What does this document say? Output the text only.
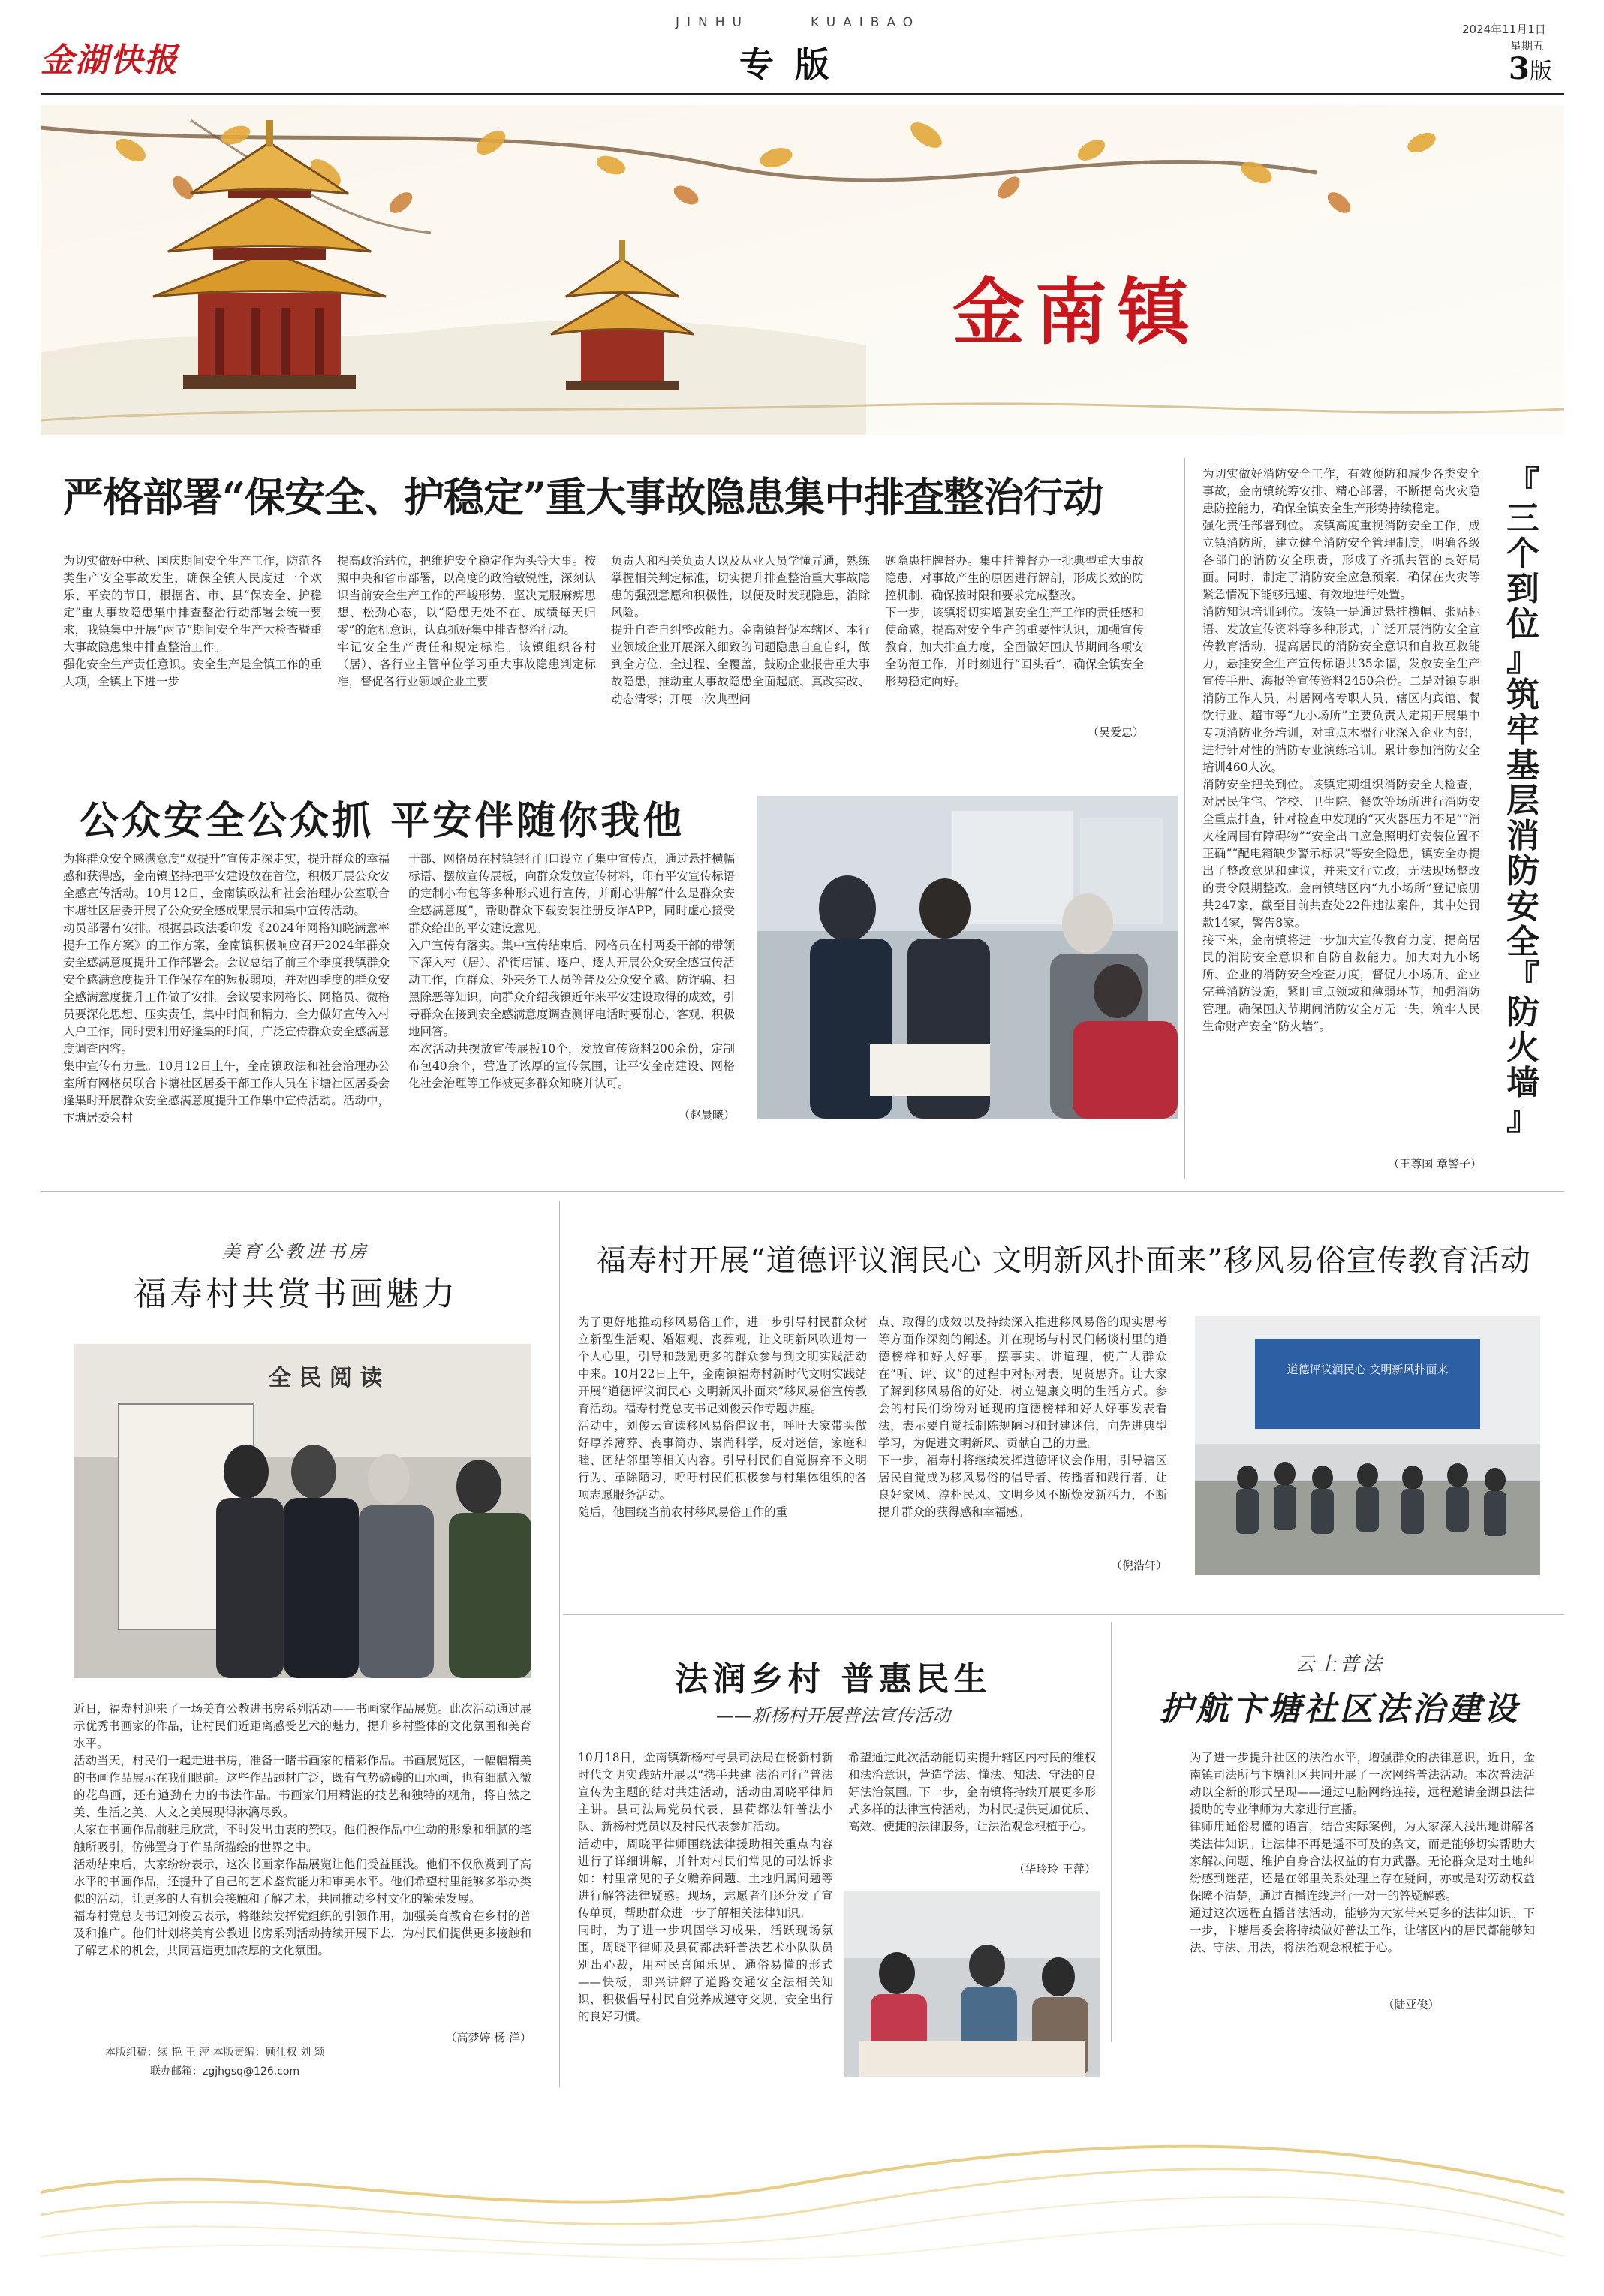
金湖快报
JINHU	KUAIBAO
专 版
2024年11月1日
星期五
3版
金南镇
严格部署“保安全、护稳定”重大事故隐患集中排查整治行动

为切实做好中秋、国庆期间安全生产工作，防范各类生产安全事故发生，确保全镇人民度过一个欢乐、平安的节日，根据省、市、县“保安全、护稳定”重大事故隐患集中排查整治行动部署会统一要求，我镇集中开展“两节”期间安全生产大检查暨重大事故隐患集中排查整治工作。
强化安全生产责任意识。安全生产是全镇工作的重大项，全镇上下进一步

提高政治站位，把维护安全稳定作为头等大事。按照中央和省市部署，以高度的政治敏锐性，深刻认识当前安全生产工作的严峻形势，坚决克服麻痹思想、松劲心态，以“隐患无处不在、成绩每天归零”的危机意识，认真抓好集中排查整治行动。
牢记安全生产责任和规定标准。该镇组织各村（居）、各行业主管单位学习重大事故隐患判定标准，督促各行业领域企业主要

负责人和相关负责人以及从业人员学懂弄通，熟练掌握相关判定标准，切实提升排查整治重大事故隐患的强烈意愿和积极性，以便及时发现隐患，消除风险。
提升自查自纠整改能力。金南镇督促本辖区、本行业领域企业开展深入细致的问题隐患自查自纠，做到全方位、全过程、全覆盖，鼓励企业报告重大事故隐患，推动重大事故隐患全面起底、真改实改、动态清零；开展一次典型问

题隐患挂牌督办。集中挂牌督办一批典型重大事故隐患，对事故产生的原因进行解剖，形成长效的防控机制，确保按时限和要求完成整改。
下一步，该镇将切实增强安全生产工作的责任感和使命感，提高对安全生产的重要性认识，加强宣传教育，加大排查力度，全面做好国庆节期间各项安全防范工作，并时刻进行“回头看”，确保全镇安全形势稳定向好。

（吴爱忠）
公众安全公众抓 平安伴随你我他

为将群众安全感满意度“双提升”宣传走深走实，提升群众的幸福感和获得感，金南镇坚持把平安建设放在首位，积极开展公众安全感宣传活动。10月12日，金南镇政法和社会治理办公室联合卞塘社区居委开展了公众安全感成果展示和集中宣传活动。
动员部署有安排。根据县政法委印发《2024年网格知晓满意率提升工作方案》的工作方案，金南镇积极响应召开2024年群众安全感满意度提升工作部署会。会议总结了前三个季度我镇群众安全感满意度提升工作保存在的短板弱项，并对四季度的群众安全感满意度提升工作做了安排。会议要求网格长、网格员、微格员要深化思想、压实责任，集中时间和精力，全力做好宣传入村入户工作，同时要利用好逢集的时间，广泛宣传群众安全感满意度调查内容。
集中宣传有力量。10月12日上午，金南镇政法和社会治理办公室所有网格员联合卞塘社区居委干部工作人员在卞塘社区居委会逢集时开展群众安全感满意度提升工作集中宣传活动。活动中，卞塘居委会村

干部、网格员在村镇银行门口设立了集中宣传点，通过悬挂横幅标语、摆放宣传展板，向群众发放宣传材料，印有平安宣传标语的定制小布包等多种形式进行宣传，并耐心讲解“什么是群众安全感满意度”，帮助群众下载安装注册反诈APP，同时虚心接受群众给出的平安建设意见。
入户宣传有落实。集中宣传结束后，网格员在村两委干部的带领下深入村（居）、沿街店铺、逐户、逐人开展公众安全感宣传活动工作，向群众、外来务工人员等普及公众安全感、防诈骗、扫黑除恶等知识，向群众介绍我镇近年来平安建设取得的成效，引导群众在接到安全感满意度调查测评电话时要耐心、客观、积极地回答。
本次活动共摆放宣传展板10个，发放宣传资料200余份，定制布包40余个，营造了浓厚的宣传氛围，让平安金南建设、网格化社会治理等工作被更多群众知晓并认可。

（赵晨曦）

为切实做好消防安全工作，有效预防和减少各类安全事故，金南镇统筹安排、精心部署，不断提高火灾隐患防控能力，确保全镇安全生产形势持续稳定。
强化责任部署到位。该镇高度重视消防安全工作，成立镇消防所，建立健全消防安全管理制度，明确各级各部门的消防安全职责，形成了齐抓共管的良好局面。同时，制定了消防安全应急预案，确保在火灾等紧急情况下能够迅速、有效地进行处置。
消防知识培训到位。该镇一是通过悬挂横幅、张贴标语、发放宣传资料等多种形式，广泛开展消防安全宣传教育活动，提高居民的消防安全意识和自救互救能力，悬挂安全生产宣传标语共35余幅，发放安全生产宣传手册、海报等宣传资料2450余份。二是对镇专职消防工作人员、村居网格专职人员、辖区内宾馆、餐饮行业、超市等“九小场所”主要负责人定期开展集中专项消防业务培训，对重点木器行业深入企业内部，进行针对性的消防专业演练培训。累计参加消防安全培训460人次。
消防安全把关到位。该镇定期组织消防安全大检查，对居民住宅、学校、卫生院、餐饮等场所进行消防安全重点排查，针对检查中发现的“灭火器压力不足”“消火栓周围有障碍物”“安全出口应急照明灯安装位置不正确”“配电箱缺少警示标识”等安全隐患，镇安全办提出了整改意见和建议，并来文行立改，无法现场整改的责令限期整改。金南镇辖区内“九小场所”登记底册共247家，截至目前共查处22件违法案件，其中处罚款14家，警告8家。
接下来，金南镇将进一步加大宣传教育力度，提高居民的消防安全意识和自防自救能力。加大对九小场所、企业的消防安全检查力度，督促九小场所、企业完善消防设施，紧盯重点领域和薄弱环节，加强消防管理。确保国庆节期间消防安全万无一失，筑牢人民生命财产安全“防火墙”。

（王尊国 章警子）
『
三
个
到
位
』
筑
牢
基
层
消
防
安
全
『
防
火
墙
』
美育公教进书房
福寿村共赏书画魅力
全 民 阅 读

近日，福寿村迎来了一场美育公教进书房系列活动——书画家作品展览。此次活动通过展示优秀书画家的作品，让村民们近距离感受艺术的魅力，提升乡村整体的文化氛围和美育水平。
活动当天，村民们一起走进书房，准备一睹书画家的精彩作品。书画展览区，一幅幅精美的书画作品展示在我们眼前。这些作品题材广泛，既有气势磅礴的山水画，也有细腻入微的花鸟画，还有遒劲有力的书法作品。书画家们用精湛的技艺和独特的视角，将自然之美、生活之美、人文之美展现得淋漓尽致。
大家在书画作品前驻足欣赏，不时发出由衷的赞叹。他们被作品中生动的形象和细腻的笔触所吸引，仿佛置身于作品所描绘的世界之中。
活动结束后，大家纷纷表示，这次书画家作品展览让他们受益匪浅。他们不仅欣赏到了高水平的书画作品，还提升了自己的艺术鉴赏能力和审美水平。他们希望村里能够多举办类似的活动，让更多的人有机会接触和了解艺术，共同推动乡村文化的繁荣发展。
福寿村党总支书记刘俊云表示，将继续发挥党组织的引领作用，加强美育教育在乡村的普及和推广。他们计划将美育公教进书房系列活动持续开展下去，为村民们提供更多接触和了解艺术的机会，共同营造更加浓厚的文化氛围。

（高梦婷 杨 洋）
福寿村开展“道德评议润民心 文明新风扑面来”移风易俗宣传教育活动

为了更好地推动移风易俗工作，进一步引导村民群众树立新型生活观、婚姻观、丧葬观，让文明新风吹进每一个人心里，引导和鼓励更多的群众参与到文明实践活动中来。10月22日上午，金南镇福寿村新时代文明实践站开展“道德评议润民心 文明新风扑面来”移风易俗宣传教育活动。福寿村党总支书记刘俊云作专题讲座。
活动中，刘俊云宣读移风易俗倡议书，呼吁大家带头做好厚养薄葬、丧事简办、崇尚科学，反对迷信，家庭和睦、团结邻里等相关内容。引导村民们自觉摒弃不文明行为、革除陋习，呼吁村民们积极参与村集体组织的各项志愿服务活动。
随后，他围绕当前农村移风易俗工作的重

点、取得的成效以及持续深入推进移风易俗的现实思考等方面作深刻的阐述。并在现场与村民们畅谈村里的道德榜样和好人好事，摆事实、讲道理，使广大群众在“听、评、议”的过程中对标对表，见贤思齐。让大家了解到移风易俗的好处，树立健康文明的生活方式。参会的村民们纷纷对通现的道德榜样和好人好事发表看法，表示要自觉抵制陈规陋习和封建迷信，向先进典型学习，为促进文明新风、贡献自己的力量。
下一步，福寿村将继续发挥道德评议会作用，引导辖区居民自觉成为移风易俗的倡导者、传播者和践行者，让良好家风、淳朴民风、文明乡风不断焕发新活力，不断提升群众的获得感和幸福感。

（倪浩轩）
道德评议润民心 文明新风扑面来
法润乡村 普惠民生
——新杨村开展普法宣传活动

10月18日，金南镇新杨村与县司法局在杨新村新时代文明实践站开展以“携手共建 法治同行”普法宣传为主题的结对共建活动，活动由周晓平律师主讲。县司法局党员代表、县荷都法轩普法小队、新杨村党员以及村民代表参加活动。
活动中，周晓平律师围绕法律援助相关重点内容进行了详细讲解，并针对村民们常见的司法诉求如：村里常见的子女赡养问题、土地归属问题等进行解答法律疑惑。现场，志愿者们还分发了宣传单页，帮助群众进一步了解相关法律知识。
同时，为了进一步巩固学习成果，活跃现场氛围，周晓平律师及县荷都法轩普法艺术小队队员别出心裁，用村民喜闻乐见、通俗易懂的形式——快板，即兴讲解了道路交通安全法相关知识，积极倡导村民自觉养成遵守交规、安全出行的良好习惯。

希望通过此次活动能切实提升辖区内村民的维权和法治意识，营造学法、懂法、知法、守法的良好法治氛围。下一步，金南镇将持续开展更多形式多样的法律宣传活动，为村民提供更加优质、高效、便捷的法律服务，让法治观念根植于心。

（华玲玲 王萍）
云上普法
护航卞塘社区法治建设

为了进一步提升社区的法治水平，增强群众的法律意识，近日，金南镇司法所与卞塘社区共同开展了一次网络普法活动。本次普法活动以全新的形式呈现——通过电脑网络连接，远程邀请金湖县法律援助的专业律师为大家进行直播。
律师用通俗易懂的语言，结合实际案例，为大家深入浅出地讲解各类法律知识。让法律不再是遥不可及的条文，而是能够切实帮助大家解决问题、维护自身合法权益的有力武器。无论群众是对土地纠纷感到迷茫，还是在邻里关系处理上存在疑问，亦或是对劳动权益保障不清楚，通过直播连线进行一对一的答疑解惑。
通过这次远程直播普法活动，能够为大家带来更多的法律知识。下一步，卞塘居委会将持续做好普法工作，让辖区内的居民都能够知法、守法、用法，将法治观念根植于心。

（陆亚俊）
本版组稿：续 艳 王 萍 本版责编：顾仕权 刘 颖
联办邮箱：zgjhgsq@126.com
